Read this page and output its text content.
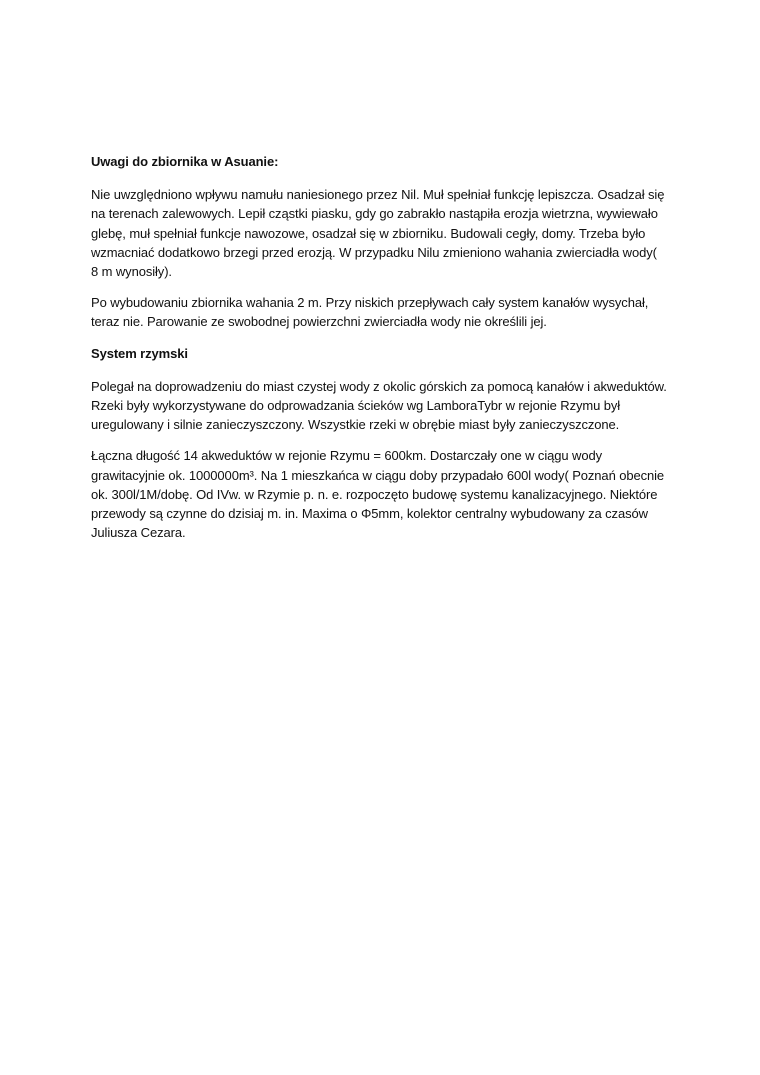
Uwagi do zbiornika w Asuanie:
Nie uwzględniono wpływu namułu naniesionego przez Nil. Muł spełniał funkcję lepiszcza. Osadzał się
na terenach zalewowych. Lepił cząstki piasku, gdy go zabrakło nastąpiła erozja wietrzna, wywiewało
glebę, muł spełniał funkcje nawozowe, osadzał się w zbiorniku. Budowali cegły, domy. Trzeba było
wzmacniać dodatkowo brzegi przed erozją. W przypadku Nilu zmieniono wahania zwierciadła wody(
8 m wynosiły).
Po wybudowaniu zbiornika wahania 2 m. Przy niskich przepływach cały system kanałów wysychał,
teraz nie. Parowanie ze swobodnej powierzchni zwierciadła wody nie określili jej.
System rzymski
Polegał na doprowadzeniu do miast czystej wody z okolic górskich za pomocą kanałów i akweduktów.
Rzeki były wykorzystywane do odprowadzania ścieków wg LamboraTybr w rejonie Rzymu był
uregulowany i silnie zanieczyszczony. Wszystkie rzeki w obrębie miast były zanieczyszczone.
Łączna długość 14 akweduktów w rejonie Rzymu = 600km. Dostarczały one w ciągu wody
grawitacyjnie ok. 1000000m³. Na 1 mieszkańca w ciągu doby przypadało 600l wody( Poznań obecnie
ok. 300l/1M/dobę. Od IVw. w Rzymie p. n. e. rozpoczęto budowę systemu kanalizacyjnego. Niektóre
przewody są czynne do dzisiaj m. in. Maxima o Φ5mm, kolektor centralny wybudowany za czasów
Juliusza Cezara.
